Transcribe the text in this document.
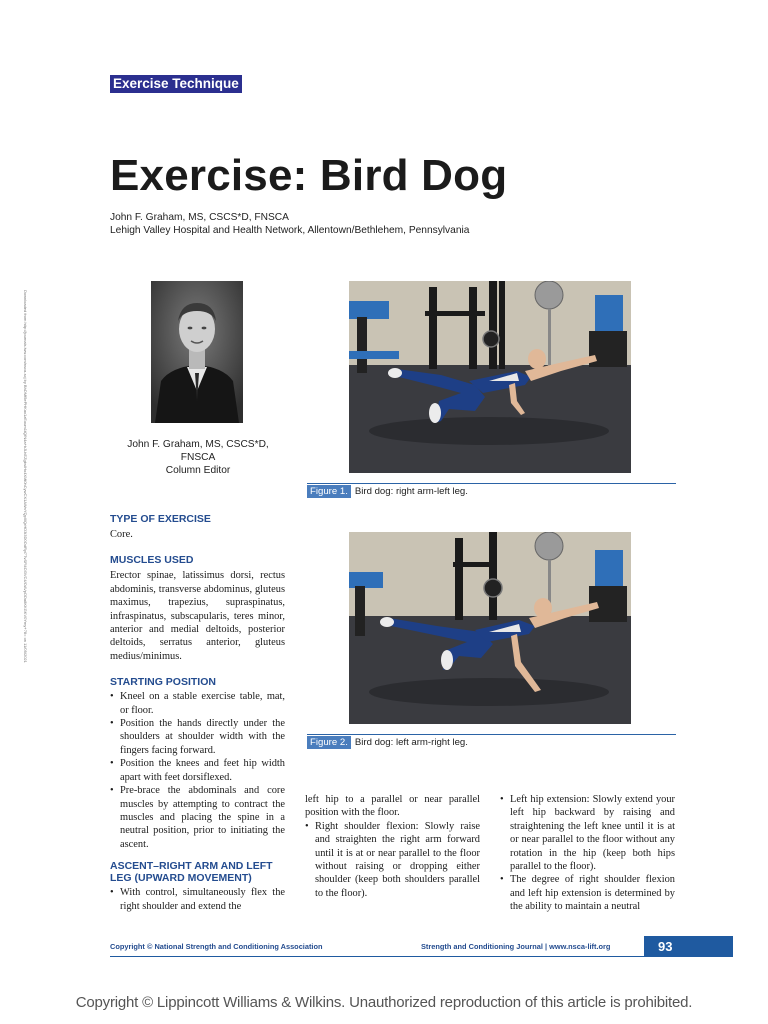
Exercise Technique
Exercise: Bird Dog
John F. Graham, MS, CSCS*D, FNSCA
Lehigh Valley Hospital and Health Network, Allentown/Bethlehem, Pennsylvania
Downloaded from http://journals.lww.com/nsca-scj by BhDMf5ePHKav1zEoum1tQfN4a+kJLhEZgbsIHo4XMi0hCywCX1AWnYQp/IlQrHD3i3D0OdRyi7TvSFl4Cf3VC4/OAVpDDa8KKGKV0Ymy+78= on 11/09/2021	John F. Graham, MS, CSCS*D,
FNSCA
Column Editor
Figure 1. Bird dog: right arm-left leg.
Figure 2. Bird dog: left arm-right leg.
TYPE OF EXERCISE

Core.

MUSCLES USED

Erector spinae, latissimus dorsi, rectus abdominis, transverse abdominus, gluteus maximus, trapezius, supraspinatus, infraspinatus, subscapularis, teres minor, anterior and medial deltoids, posterior deltoids, serratus anterior, gluteus medius/minimus.

STARTING POSITION
• Kneel on a stable exercise table, mat, or floor.
• Position the hands directly under the shoulders at shoulder width with the fingers facing forward.
• Position the knees and feet hip width apart with feet dorsiflexed.
• Pre-brace the abdominals and core muscles by attempting to contract the muscles and placing the spine in a neutral position, prior to initiating the ascent.
ASCENT–RIGHT ARM AND LEFT LEG (UPWARD MOVEMENT)
• With control, simultaneously flex the right shoulder and extend the

left hip to a parallel or near parallel position with the floor.

• Right shoulder flexion: Slowly raise and straighten the right arm forward until it is at or near parallel to the floor without raising or dropping either shoulder (keep both shoulders parallel to the floor).
• Left hip extension: Slowly extend your left hip backward by raising and straightening the left knee until it is at or near parallel to the floor without any rotation in the hip (keep both hips parallel to the floor).
• The degree of right shoulder flexion and left hip extension is determined by the ability to maintain a neutral
Copyright © National Strength and Conditioning Association	Strength and Conditioning Journal | www.nsca-lift.org	93
Copyright © Lippincott Williams & Wilkins. Unauthorized reproduction of this article is prohibited.
